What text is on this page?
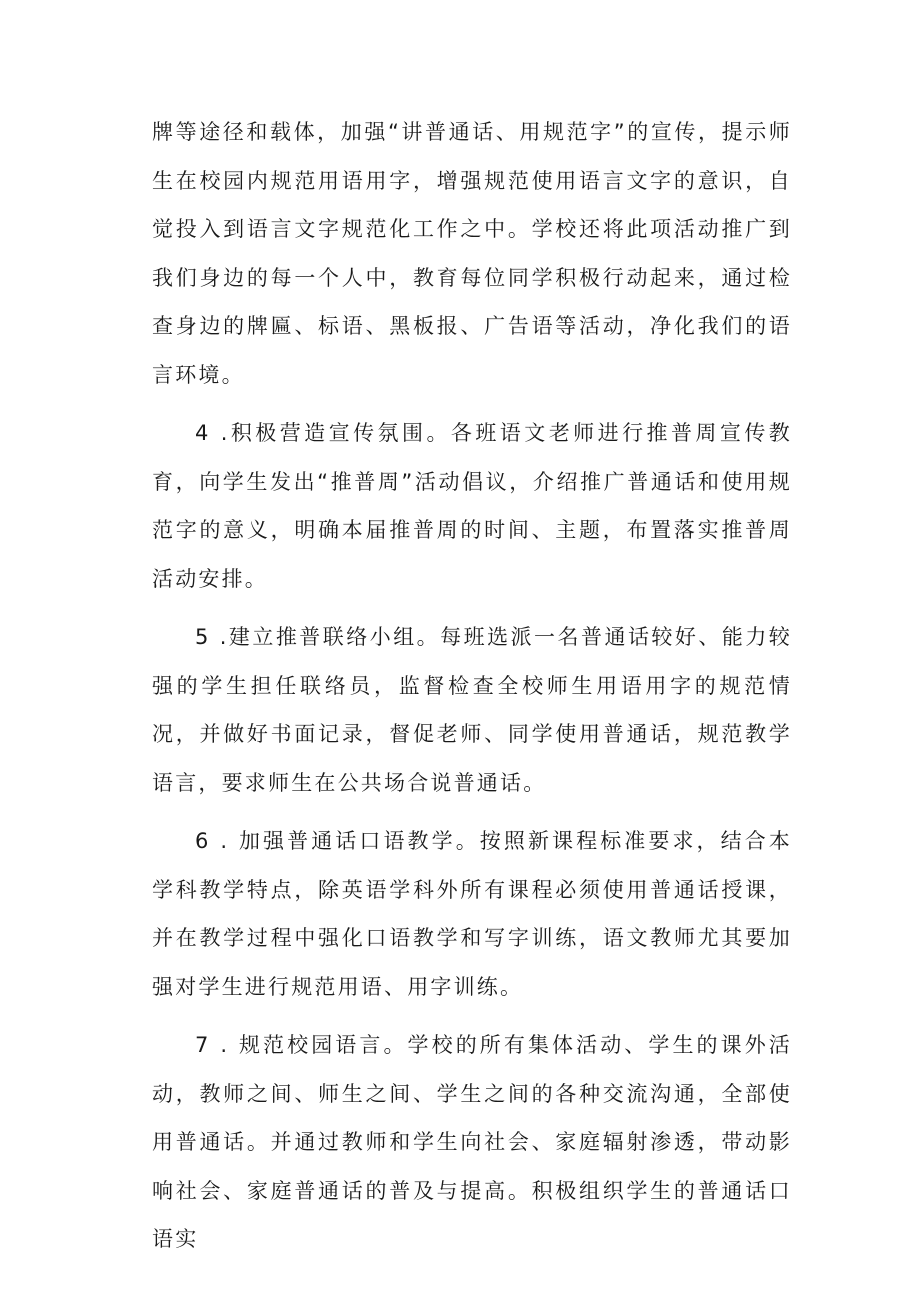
牌等途径和载体，加强“讲普通话、用规范字”的宣传，提示师生在校园内规范用语用字，增强规范使用语言文字的意识，自觉投入到语言文字规范化工作之中。学校还将此项活动推广到我们身边的每一个人中，教育每位同学积极行动起来，通过检查身边的牌匾、标语、黑板报、广告语等活动，净化我们的语言环境。

4 .积极营造宣传氛围。各班语文老师进行推普周宣传教育，向学生发出“推普周”活动倡议，介绍推广普通话和使用规范字的意义，明确本届推普周的时间、主题，布置落实推普周活动安排。

5 .建立推普联络小组。每班选派一名普通话较好、能力较强的学生担任联络员，监督检查全校师生用语用字的规范情况，并做好书面记录，督促老师、同学使用普通话，规范教学语言，要求师生在公共场合说普通话。

6 . 加强普通话口语教学。按照新课程标准要求，结合本学科教学特点，除英语学科外所有课程必须使用普通话授课，并在教学过程中强化口语教学和写字训练，语文教师尤其要加强对学生进行规范用语、用字训练。

7 . 规范校园语言。学校的所有集体活动、学生的课外活动，教师之间、师生之间、学生之间的各种交流沟通，全部使用普通话。并通过教师和学生向社会、家庭辐射渗透，带动影响社会、家庭普通话的普及与提高。积极组织学生的普通话口语实
